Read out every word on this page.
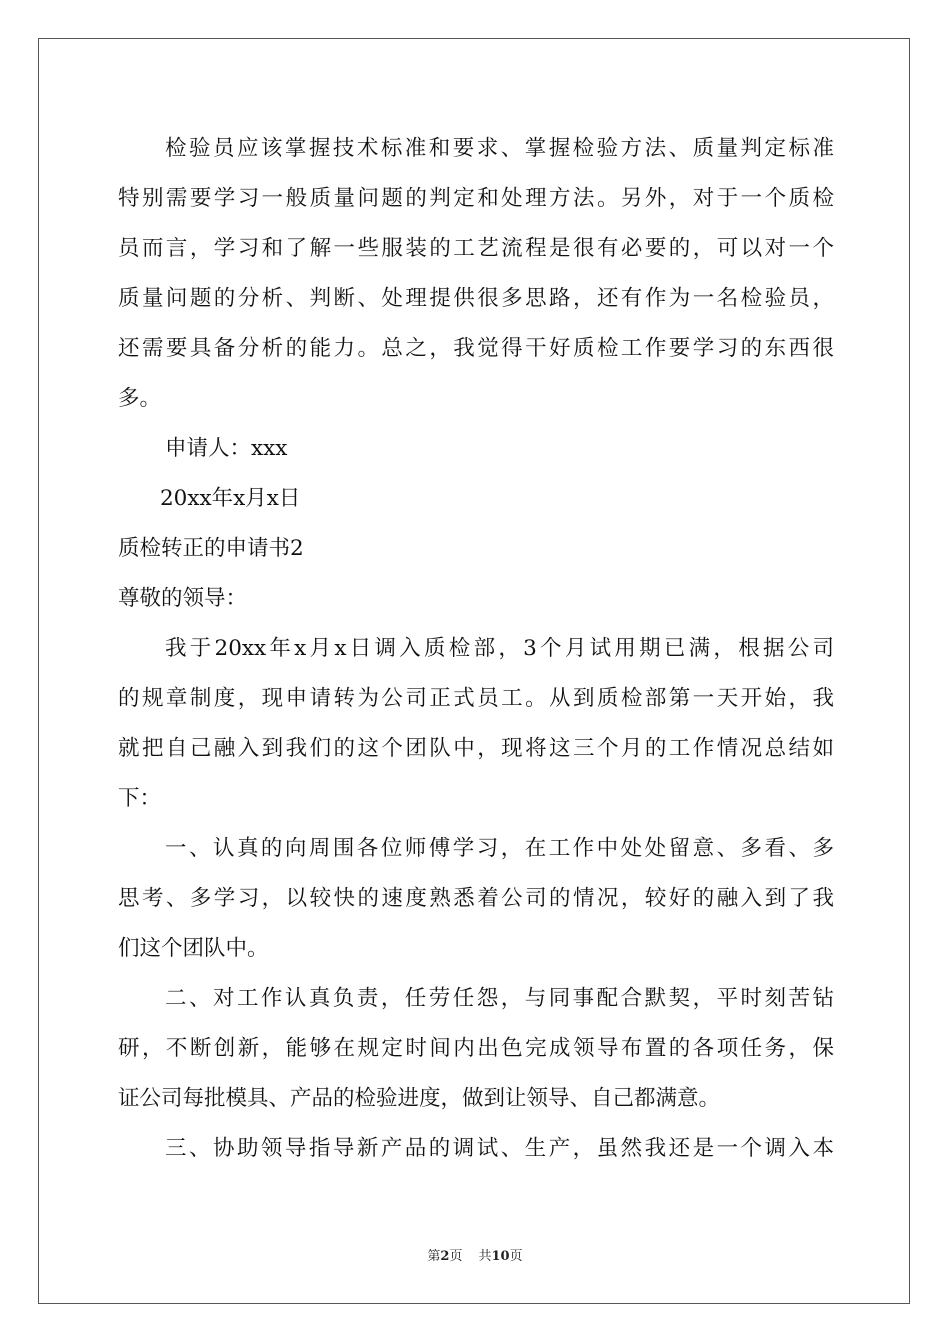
检验员应该掌握技术标准和要求、掌握检验方法、质量判定标准
特别需要学习一般质量问题的判定和处理方法。另外，对于一个质检
员而言，学习和了解一些服装的工艺流程是很有必要的，可以对一个
质量问题的分析、判断、处理提供很多思路，还有作为一名检验员，
还需要具备分析的能力。总之，我觉得干好质检工作要学习的东西很
多。
申请人：xxx
20xx年x月x日
质检转正的申请书2
尊敬的领导：
我于20xx年x月x日调入质检部，3个月试用期已满，根据公司
的规章制度，现申请转为公司正式员工。从到质检部第一天开始，我
就把自己融入到我们的这个团队中，现将这三个月的工作情况总结如
下：
一、认真的向周围各位师傅学习，在工作中处处留意、多看、多
思考、多学习，以较快的速度熟悉着公司的情况，较好的融入到了我
们这个团队中。
二、对工作认真负责，任劳任怨，与同事配合默契，平时刻苦钻
研，不断创新，能够在规定时间内出色完成领导布置的各项任务，保
证公司每批模具、产品的检验进度，做到让领导、自己都满意。
三、协助领导指导新产品的调试、生产，虽然我还是一个调入本
第2页 共10页
